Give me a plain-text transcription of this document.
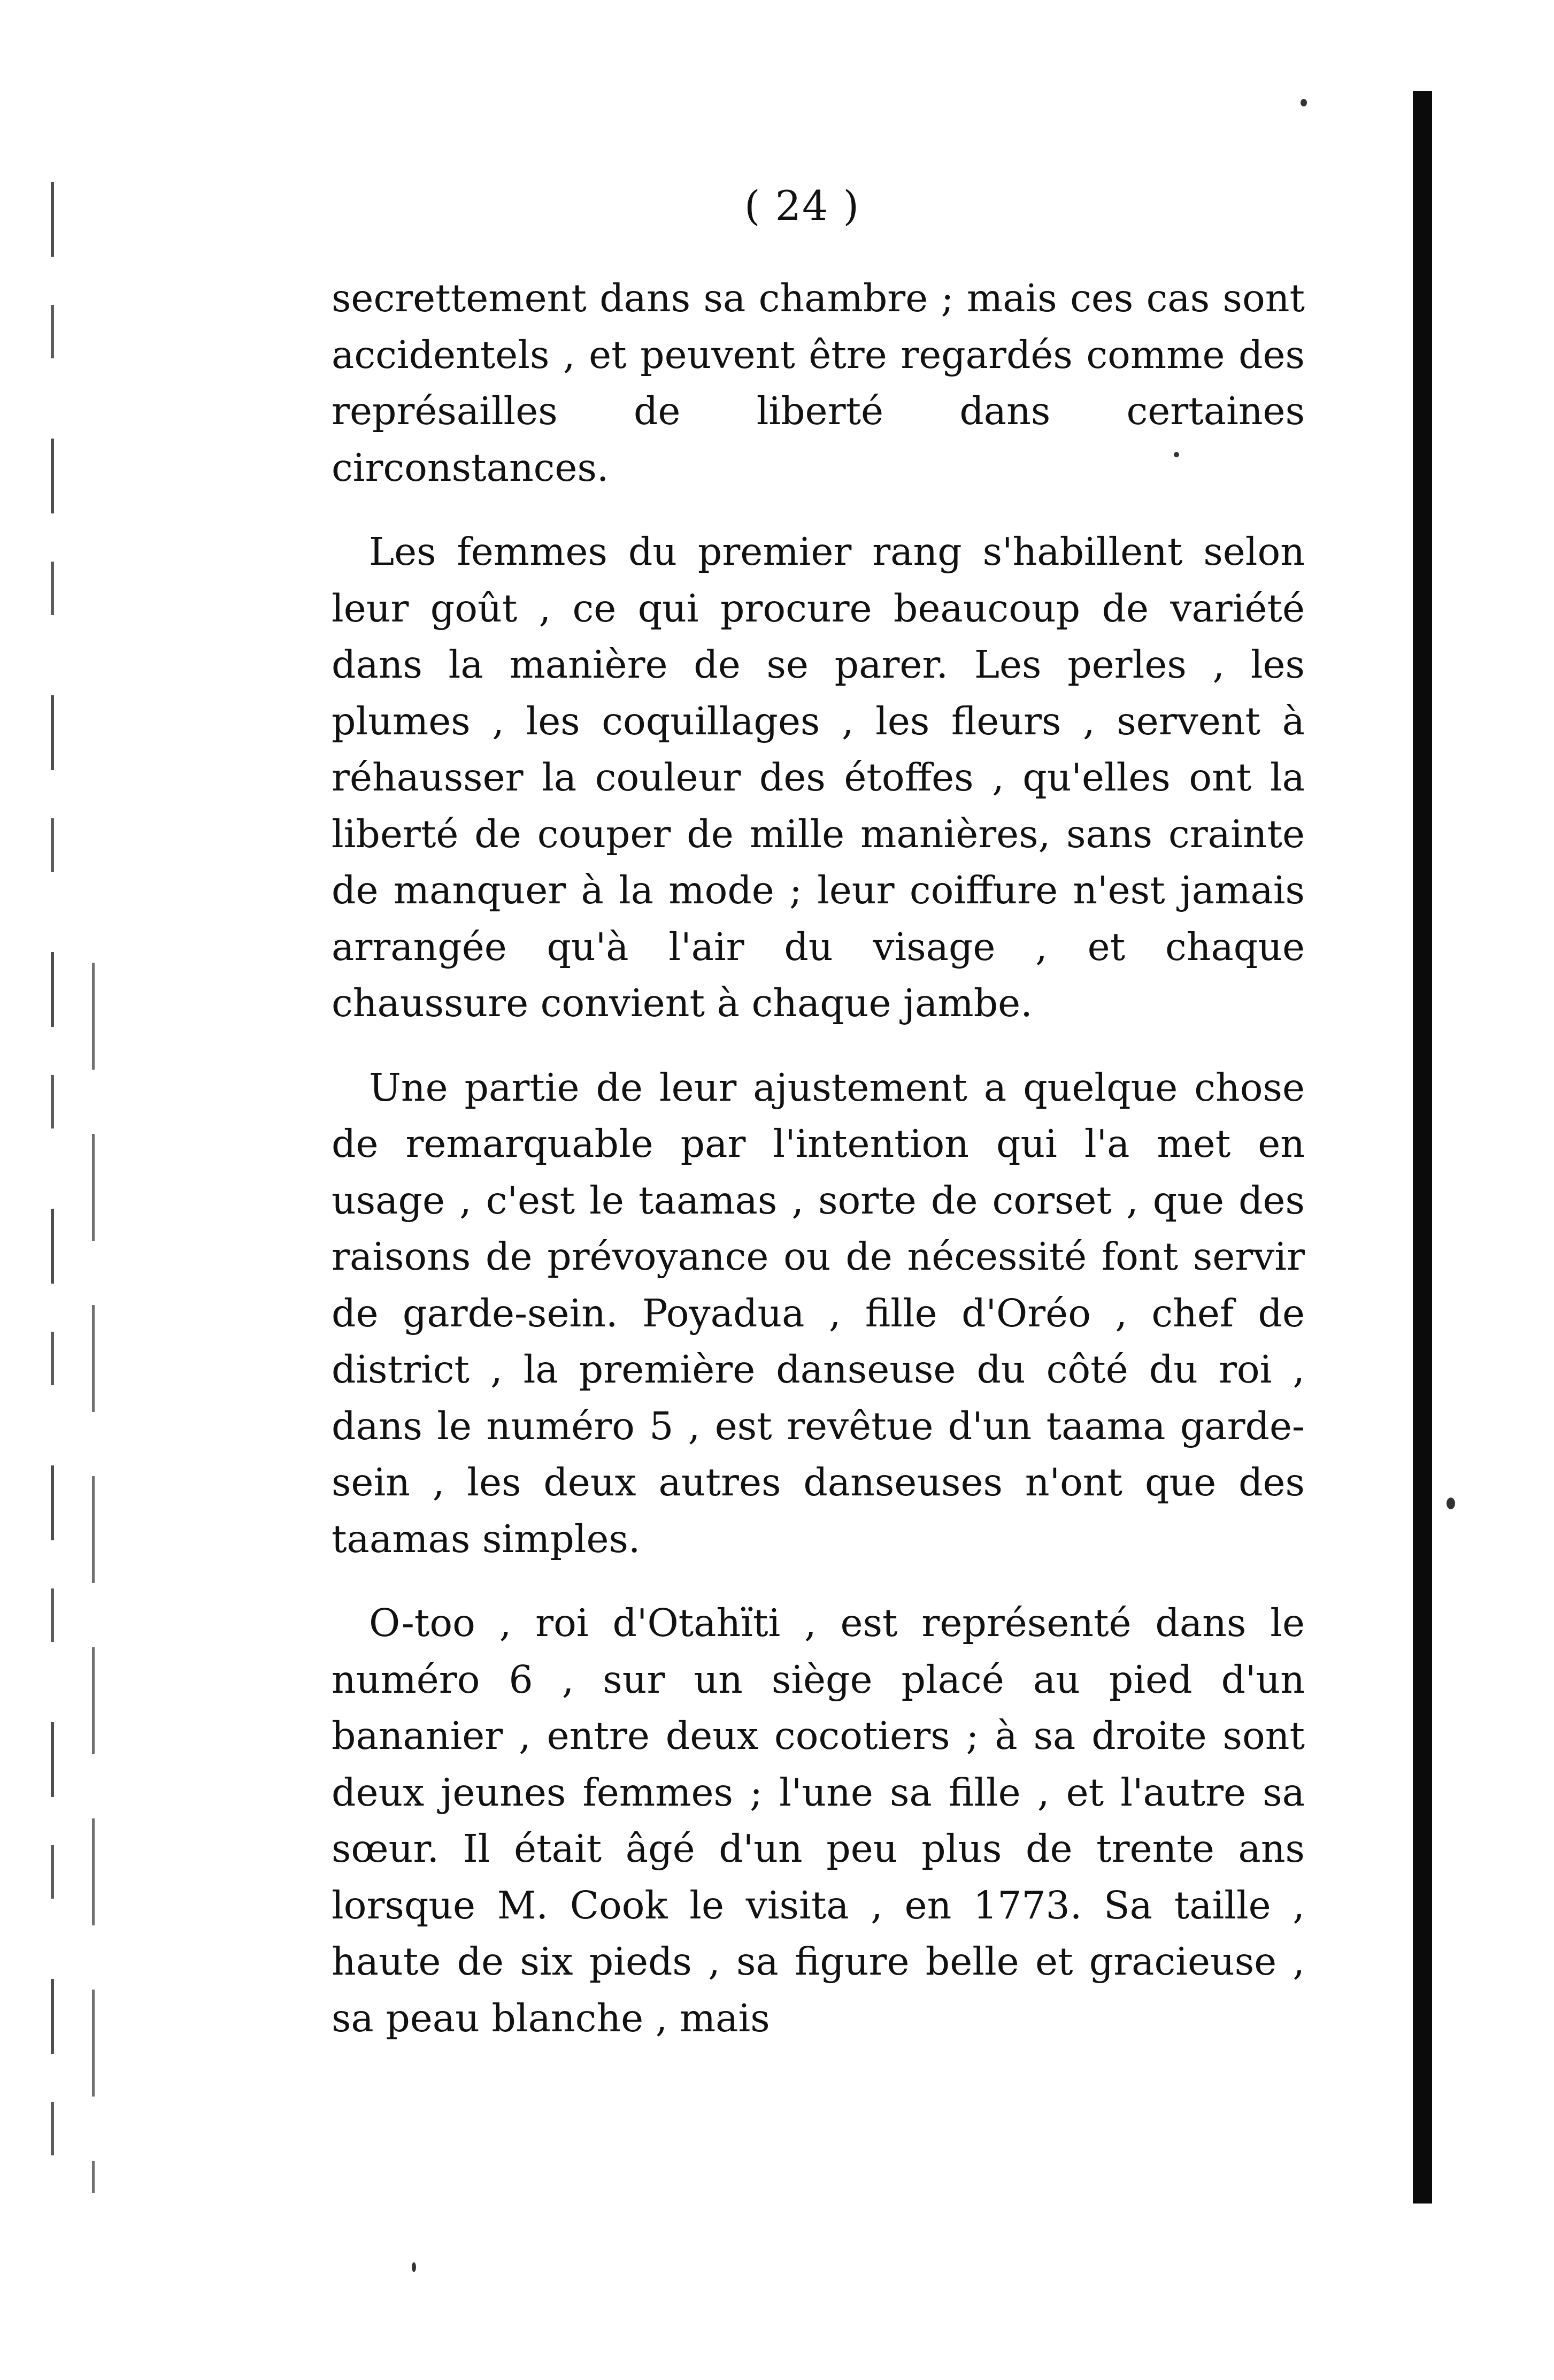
( 24 )

secrettement dans sa chambre ; mais ces cas sont accidentels , et peuvent être regardés comme des représailles de liberté dans certaines circonstances.

Les femmes du premier rang s'habillent selon leur goût , ce qui procure beaucoup de variété dans la manière de se parer. Les perles , les plumes , les coquillages , les fleurs , servent à réhausser la couleur des étoffes , qu'elles ont la liberté de couper de mille manières, sans crainte de manquer à la mode ; leur coiffure n'est jamais arrangée qu'à l'air du visage , et chaque chaussure convient à chaque jambe.

Une partie de leur ajustement a quelque chose de remarquable par l'intention qui l'a met en usage , c'est le taamas , sorte de corset , que des raisons de prévoyance ou de nécessité font servir de garde-sein. Poyadua , fille d'Oréo , chef de district , la première danseuse du côté du roi , dans le numéro 5 , est revêtue d'un taama garde-sein , les deux autres danseuses n'ont que des taamas simples.

O-too , roi d'Otahïti , est représenté dans le numéro 6 , sur un siège placé au pied d'un bananier , entre deux cocotiers ; à sa droite sont deux jeunes femmes ; l'une sa fille , et l'autre sa sœur. Il était âgé d'un peu plus de trente ans lorsque M. Cook le visita , en 1773. Sa taille , haute de six pieds , sa figure belle et gracieuse , sa peau blanche , mais
